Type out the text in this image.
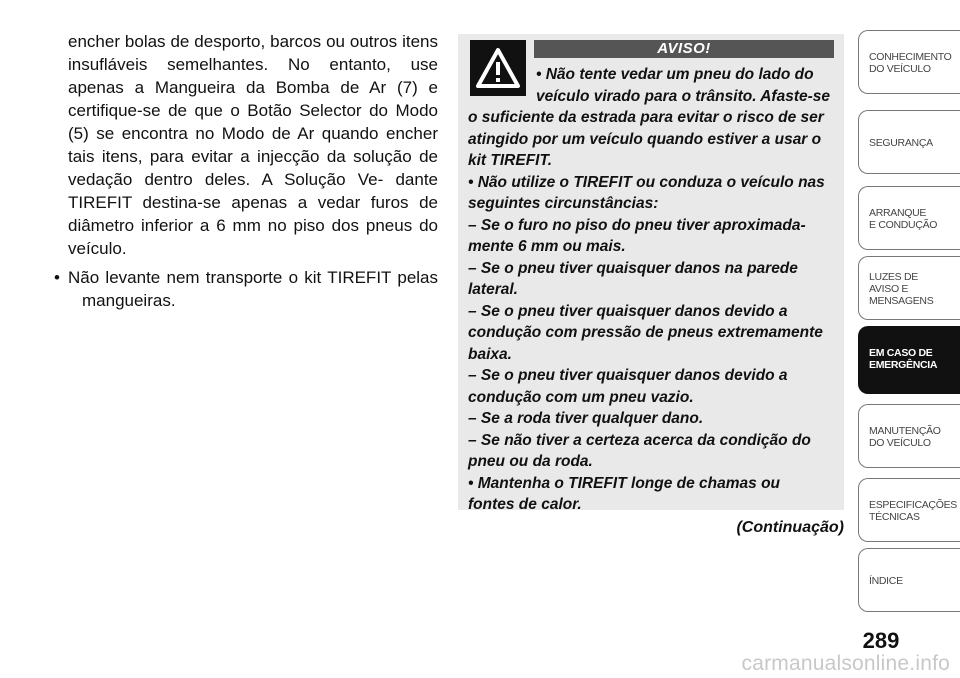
encher bolas de desporto, barcos ou outros itens insufláveis semelhantes. No entanto, use apenas a Mangueira da Bomba de Ar (7) e certifique-se de que o Botão Selector do Modo (5) se encontra no Modo de Ar quando encher tais itens, para evitar a injecção da solução de vedação dentro deles. A Solução Ve- dante TIREFIT destina-se apenas a vedar furos de diâmetro inferior a 6 mm no piso dos pneus do veículo.

• Não levante nem transporte o kit TIREFIT pelas mangueiras.
AVISO!
• Não tente vedar um pneu do lado do
veículo virado para o trânsito. Afaste-se
o suficiente da estrada para evitar o risco de ser
atingido por um veículo quando estiver a usar o
kit TIREFIT.
• Não utilize o TIREFIT ou conduza o veículo nas
seguintes circunstâncias:
– Se o furo no piso do pneu tiver aproximada-
mente 6 mm ou mais.
– Se o pneu tiver quaisquer danos na parede
lateral.
– Se o pneu tiver quaisquer danos devido a
condução com pressão de pneus extremamente
baixa.
– Se o pneu tiver quaisquer danos devido a
condução com um pneu vazio.
– Se a roda tiver qualquer dano.
– Se não tiver a certeza acerca da condição do
pneu ou da roda.
• Mantenha o TIREFIT longe de chamas ou
fontes de calor.
(Continuação)
CONHECIMENTO
DO VEÍCULO
SEGURANÇA
ARRANQUE
E CONDUÇÃO
LUZES DE
AVISO E
MENSAGENS
EM CASO DE
EMERGÊNCIA
MANUTENÇÃO
DO VEÍCULO
ESPECIFICAÇÕES
TÉCNICAS
ÍNDICE
289
carmanualsonline.info
